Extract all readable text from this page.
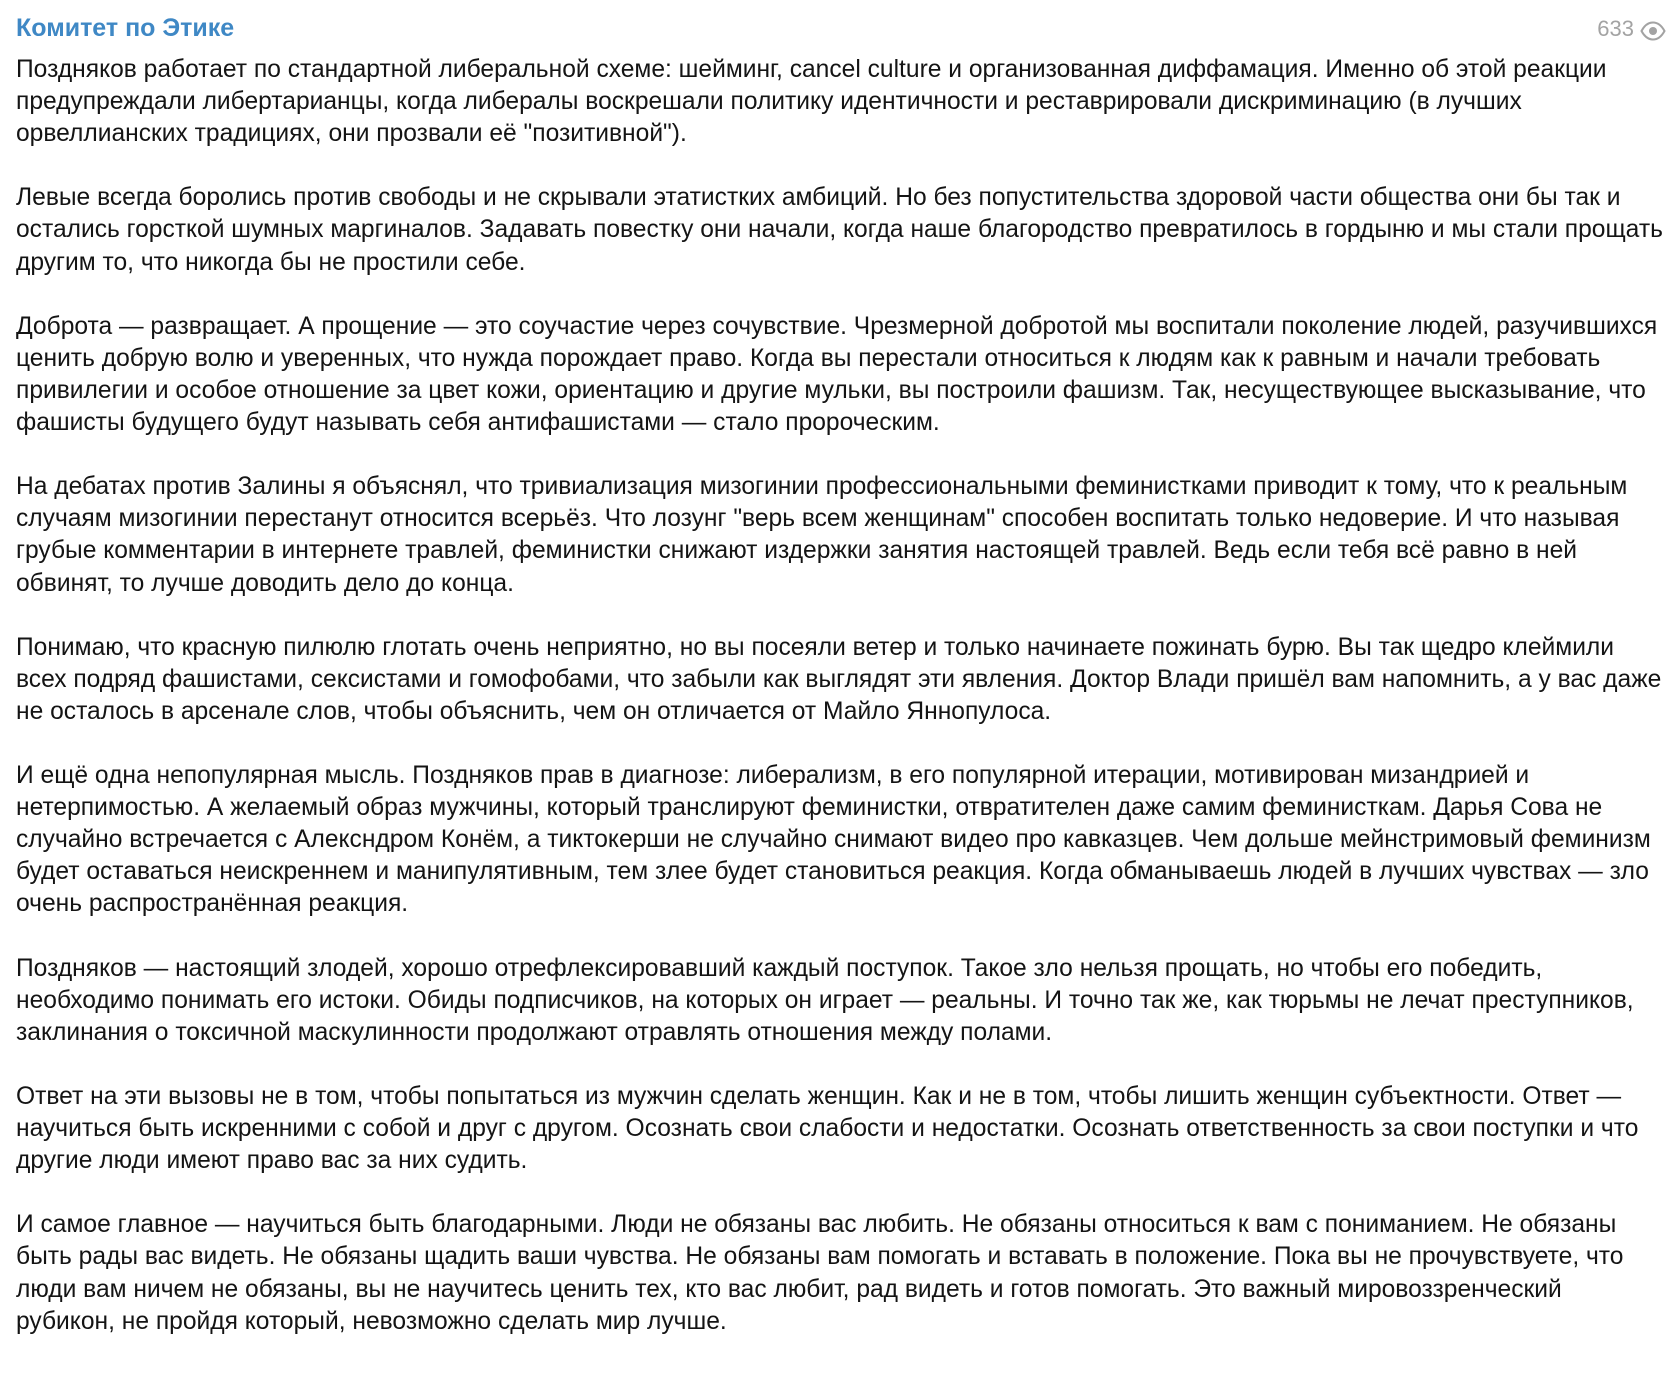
Комитет по Этике	633

Поздняков работает по стандартной либеральной схеме: шейминг, cancel culture и организованная диффамация. Именно об этой реакции предупреждали либертарианцы, когда либералы воскрешали политику идентичности и реставрировали дискриминацию (в лучших орвеллианских традициях, они прозвали её "позитивной").

Левые всегда боролись против свободы и не скрывали этатистких амбиций. Но без попустительства здоровой части общества они бы так и остались горсткой шумных маргиналов. Задавать повестку они начали, когда наше благородство превратилось в гордыню и мы стали прощать другим то, что никогда бы не простили себе.

Доброта — развращает. А прощение — это соучастие через сочувствие. Чрезмерной добротой мы воспитали поколение людей, разучившихся ценить добрую волю и уверенных, что нужда порождает право. Когда вы перестали относиться к людям как к равным и начали требовать привилегии и особое отношение за цвет кожи, ориентацию и другие мульки, вы построили фашизм. Так, несуществующее высказывание, что фашисты будущего будут называть себя антифашистами — стало пророческим.

На дебатах против Залины я объяснял, что тривиализация мизогинии профессиональными феминистками приводит к тому, что к реальным случаям мизогинии перестанут относится всерьёз. Что лозунг "верь всем женщинам" способен воспитать только недоверие. И что называя грубые комментарии в интернете травлей, феминистки снижают издержки занятия настоящей травлей. Ведь если тебя всё равно в ней обвинят, то лучше доводить дело до конца.

Понимаю, что красную пилюлю глотать очень неприятно, но вы посеяли ветер и только начинаете пожинать бурю. Вы так щедро клеймили всех подряд фашистами, сексистами и гомофобами, что забыли как выглядят эти явления. Доктор Влади пришёл вам напомнить, а у вас даже не осталось в арсенале слов, чтобы объяснить, чем он отличается от Майло Яннопулоса.

И ещё одна непопулярная мысль. Поздняков прав в диагнозе: либерализм, в его популярной итерации, мотивирован мизандрией и нетерпимостью. А желаемый образ мужчины, который транслируют феминистки, отвратителен даже самим феминисткам. Дарья Сова не случайно встречается с Алексндром Конём, а тиктокерши не случайно снимают видео про кавказцев. Чем дольше мейнстримовый феминизм будет оставаться неискреннем и манипулятивным, тем злее будет становиться реакция. Когда обманываешь людей в лучших чувствах — зло очень распространённая реакция.

Поздняков — настоящий злодей, хорошо отрефлексировавший каждый поступок. Такое зло нельзя прощать, но чтобы его победить, необходимо понимать его истоки. Обиды подписчиков, на которых он играет — реальны. И точно так же, как тюрьмы не лечат преступников, заклинания о токсичной маскулинности продолжают отравлять отношения между полами.

Ответ на эти вызовы не в том, чтобы попытаться из мужчин сделать женщин. Как и не в том, чтобы лишить женщин субъектности. Ответ — научиться быть искренними с собой и друг с другом. Осознать свои слабости и недостатки. Осознать ответственность за свои поступки и что другие люди имеют право вас за них судить.

И самое главное — научиться быть благодарными. Люди не обязаны вас любить. Не обязаны относиться к вам с пониманием. Не обязаны быть рады вас видеть. Не обязаны щадить ваши чувства. Не обязаны вам помогать и вставать в положение. Пока вы не прочувствуете, что люди вам ничем не обязаны, вы не научитесь ценить тех, кто вас любит, рад видеть и готов помогать. Это важный мировоззренческий рубикон, не пройдя который, невозможно сделать мир лучше.
